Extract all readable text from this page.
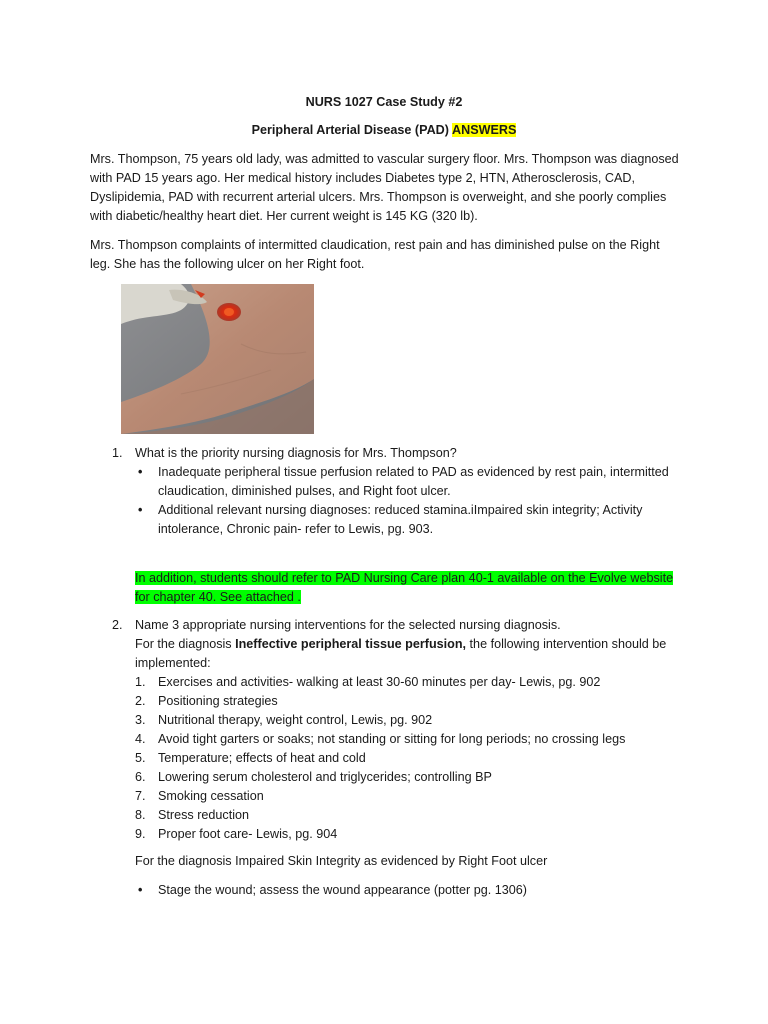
NURS 1027 Case Study #2
Peripheral Arterial Disease (PAD) ANSWERS
Mrs. Thompson, 75 years old lady, was admitted to vascular surgery floor. Mrs. Thompson was diagnosed with PAD 15 years ago. Her medical history includes Diabetes type 2, HTN, Atherosclerosis, CAD, Dyslipidemia, PAD with recurrent arterial ulcers. Mrs. Thompson is overweight, and she poorly complies with diabetic/healthy heart diet. Her current weight is 145 KG (320 lb).
Mrs. Thompson complaints of intermitted claudication, rest pain and has diminished pulse on the Right leg. She has the following ulcer on her Right foot.
1. What is the priority nursing diagnosis for Mrs. Thompson?
• Inadequate peripheral tissue perfusion related to PAD as evidenced by rest pain, intermitted claudication, diminished pulses, and Right foot ulcer.
• Additional relevant nursing diagnoses: reduced stamina.iImpaired skin integrity; Activity intolerance, Chronic pain- refer to Lewis, pg. 903.
In addition, students should refer to PAD Nursing Care plan 40-1 available on the Evolve website for chapter 40. See attached .
2. Name 3 appropriate nursing interventions for the selected nursing diagnosis.
For the diagnosis Ineffective peripheral tissue perfusion, the following intervention should be implemented:
1. Exercises and activities- walking at least 30-60 minutes per day- Lewis, pg. 902
2. Positioning strategies
3. Nutritional therapy, weight control, Lewis, pg. 902
4. Avoid tight garters or soaks; not standing or sitting for long periods; no crossing legs
5. Temperature; effects of heat and cold
6. Lowering serum cholesterol and triglycerides; controlling BP
7. Smoking cessation
8. Stress reduction
9. Proper foot care- Lewis, pg. 904
For the diagnosis Impaired Skin Integrity as evidenced by Right Foot ulcer
• Stage the wound; assess the wound appearance (potter pg. 1306)
